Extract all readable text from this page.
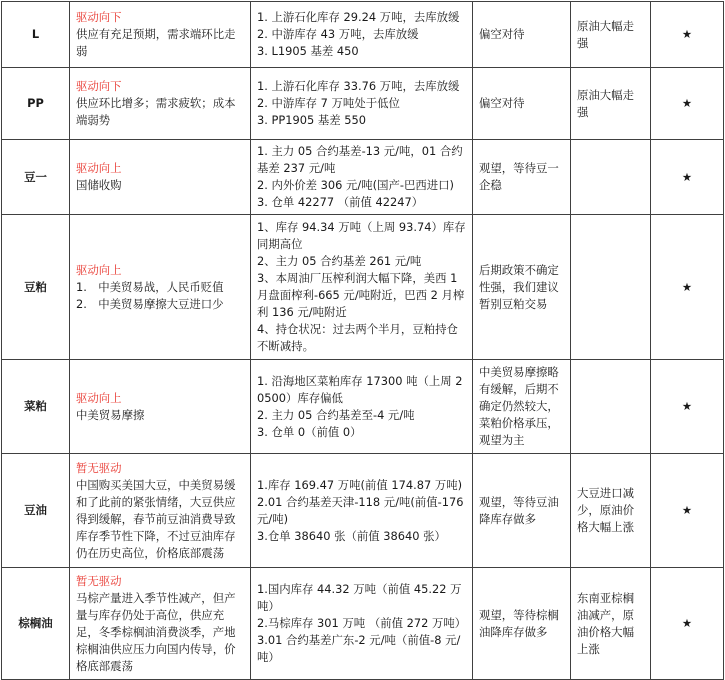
L	驱动向下
供应有充足预期，需求端环比走弱	1. 上游石化库存 29.24 万吨，去库放缓
2. 中游库存 43 万吨，去库放缓
3. L1905 基差 450	偏空对待	原油大幅走强	★
PP	驱动向下
供应环比增多；需求疲软；成本端弱势	1. 上游石化库存 33.76 万吨，去库放缓
2. 中游库存 7 万吨处于低位
3. PP1905 基差 550	偏空对待	原油大幅走强	★
豆一	驱动向上
国储收购	1. 主力 05 合约基差-13 元/吨，01 合约基差 237 元/吨
2. 内外价差 306 元/吨(国产-巴西进口)
3. 仓单 42277 （前值 42247）	观望，等待豆一企稳		★
豆粕	驱动向上
1.　中美贸易战，人民币贬值
2.　中美贸易摩擦大豆进口少	1、库存 94.34 万吨（上周 93.74）库存同期高位
2、主力 05 合约基差 261 元/吨
3、本周油厂压榨利润大幅下降，美西 1 月盘面榨利-665 元/吨附近，巴西 2 月榨利 136 元/吨附近
4、持仓状况：过去两个半月，豆粕持仓不断减持。	后期政策不确定性强，我们建议暂别豆粕交易		★
菜粕	驱动向上
中美贸易摩擦	1. 沿海地区菜粕库存 17300 吨（上周 20500）库存偏低
2. 主力 05 合约基差至-4 元/吨
3. 仓单 0（前值 0）	中美贸易摩擦略有缓解，后期不确定仍然较大，菜粕价格承压，观望为主		★
豆油	暂无驱动
中国购买美国大豆，中美贸易缓和了此前的紧张情绪，大豆供应得到缓解，春节前豆油消费导致库存季节性下降，不过豆油库存仍在历史高位，价格底部震荡	1.库存 169.47 万吨(前值 174.87 万吨)
2.01 合约基差天津-118 元/吨(前值-176 元/吨)
3.仓单 38640 张（前值 38640 张）	观望，等待豆油降库存做多	大豆进口减少，原油价格大幅上涨	★
棕榈油	暂无驱动
马棕产量进入季节性减产，但产量与库存仍处于高位，供应充足，冬季棕榈油消费淡季，产地棕榈油供应压力向国内传导，价格底部震荡	1.国内库存 44.32 万吨（前值 45.22 万吨）
2.马棕库存 301 万吨 （前值 272 万吨）
3.01 合约基差广东-2 元/吨（前值-8 元/吨）	观望，等待棕榈油降库存做多	东南亚棕榈油减产，原油价格大幅上涨	★
